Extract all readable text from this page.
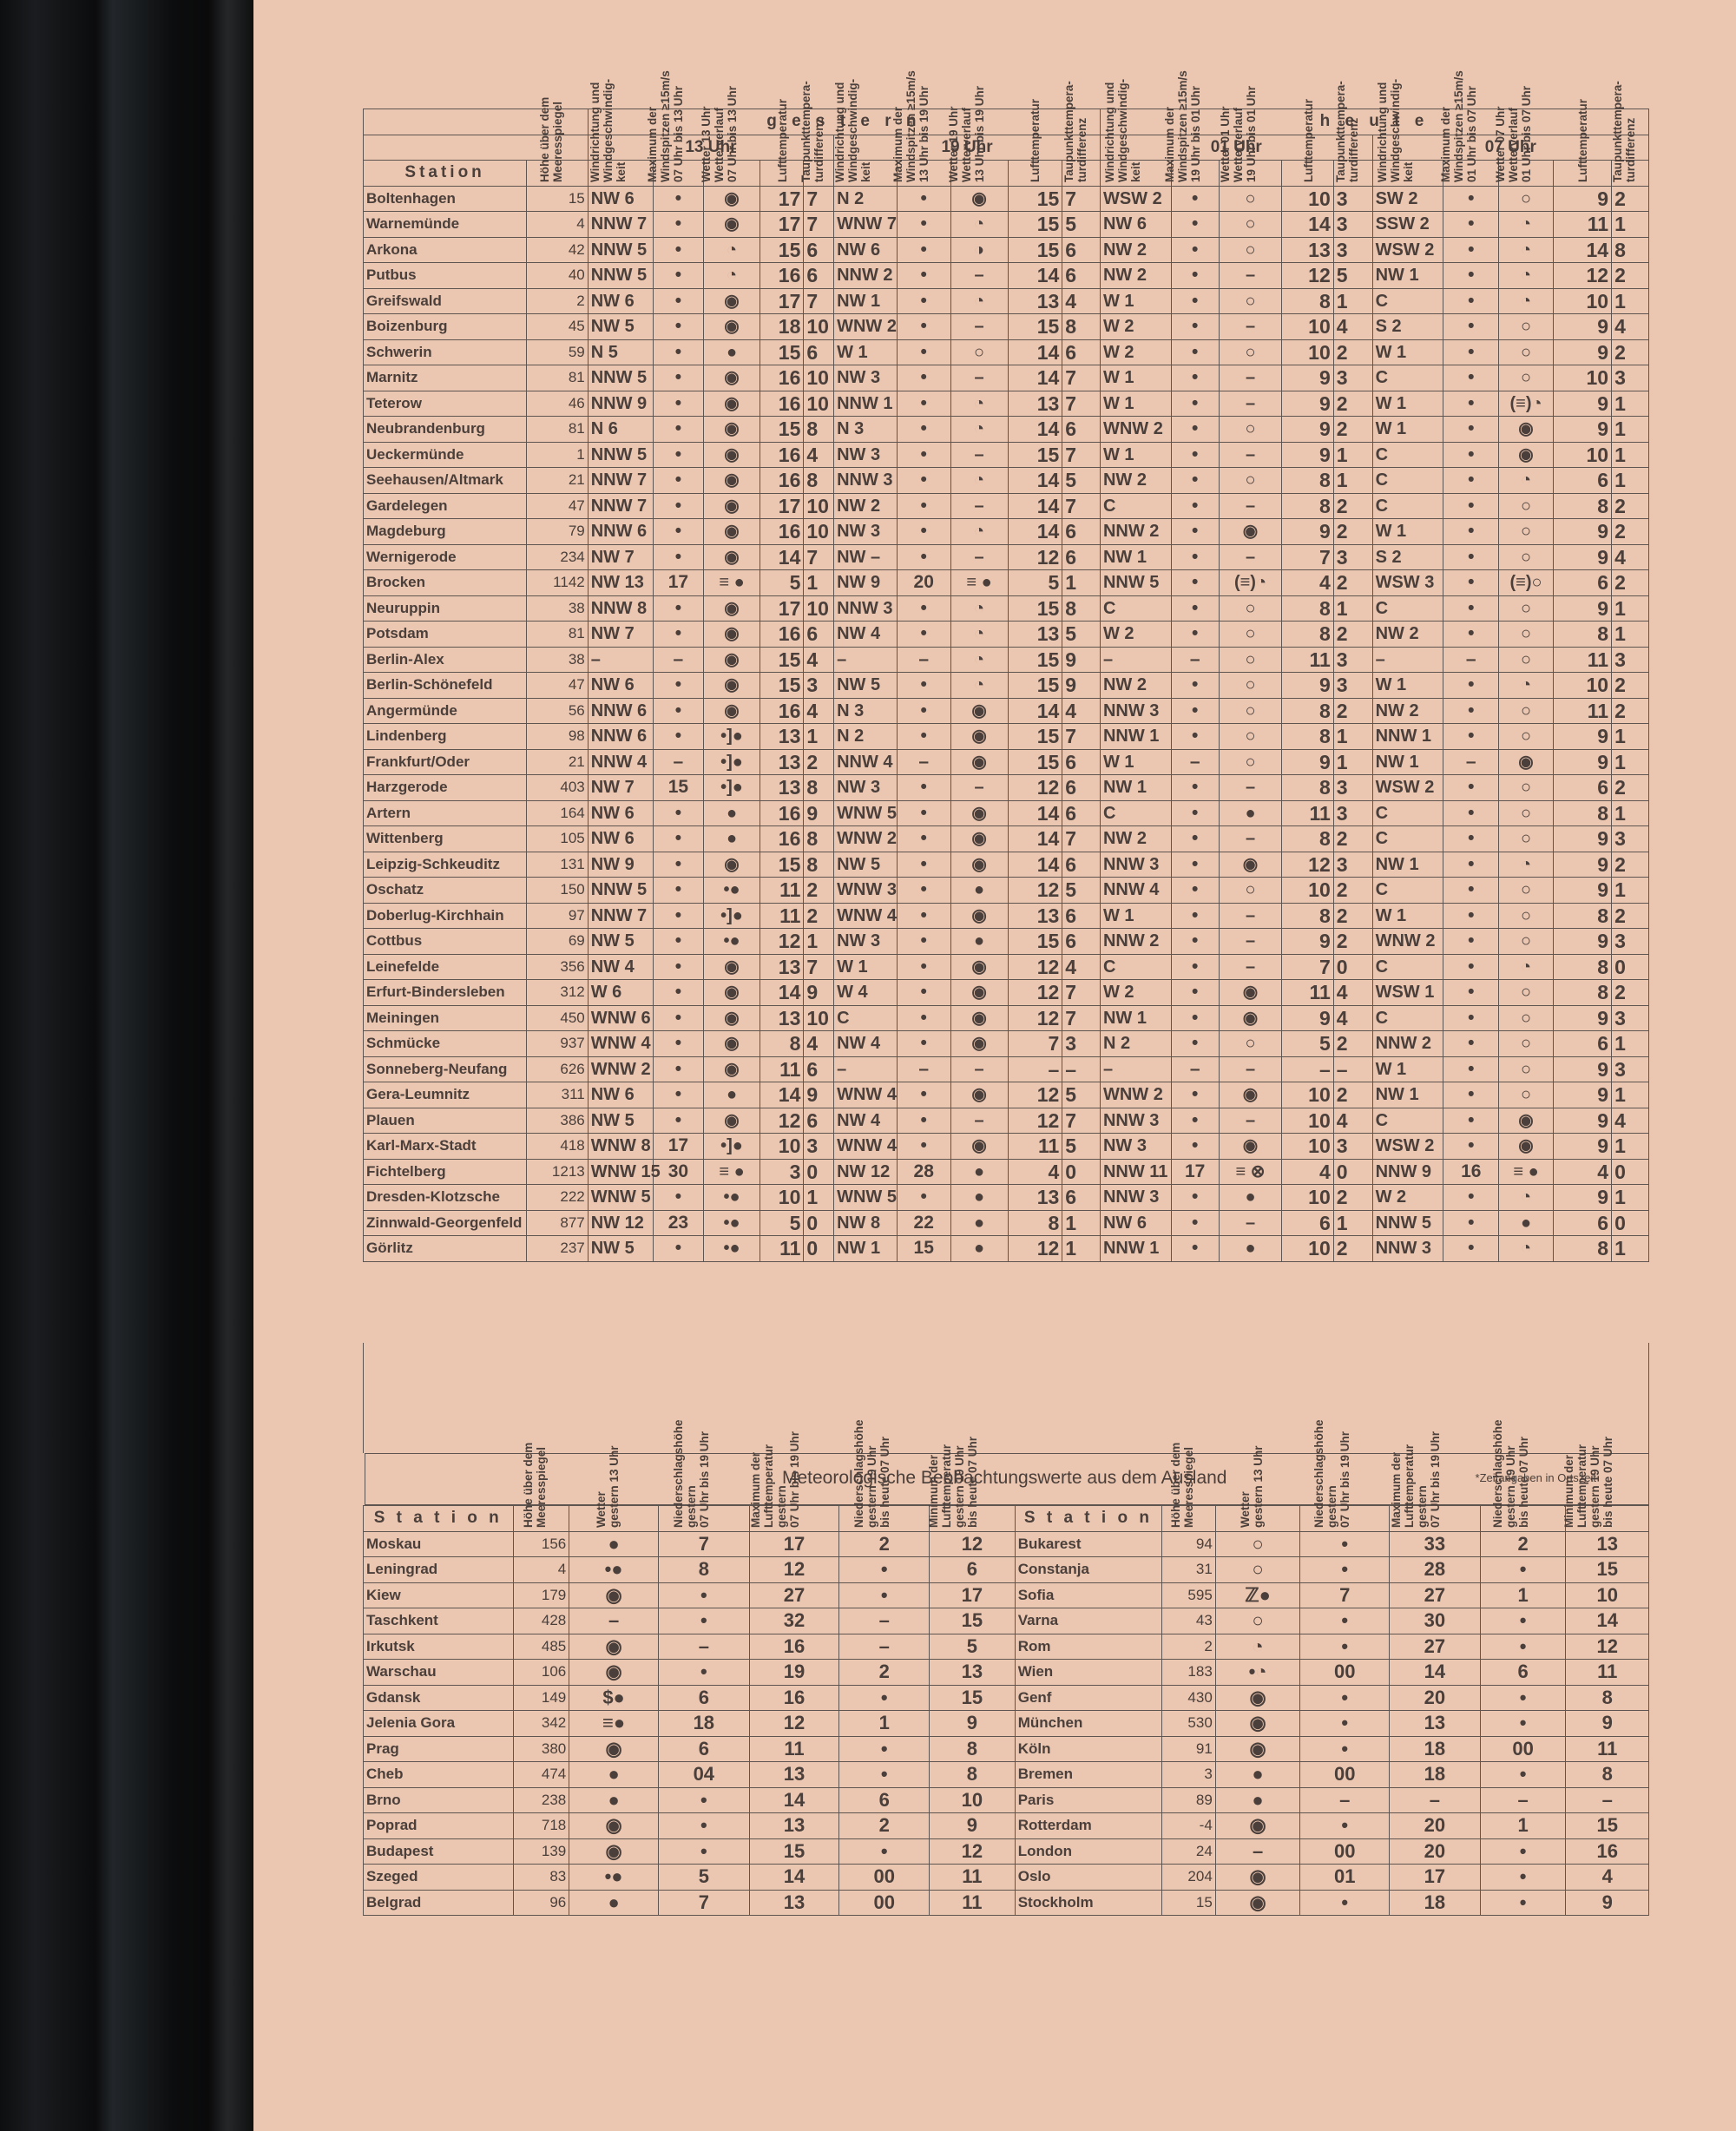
		g e s t e r n										h e u t e									
		13 Uhr					19 Uhr					01 Uhr					07 Uhr				
Station	Höhe über dem
Meeresspiegel	Windrichtung und
Windgeschwindig-
keit	Maximum der
Windspitzen ≥15m/s
07 Uhr bis 13 Uhr	Wetter 13 Uhr
Wetterverlauf
07 Uhr bis 13 Uhr	Lufttemperatur	Taupunkttempera-
turdifferenz	Windrichtung und
Windgeschwindig-
keit	Maximum der
Windspitzen ≥15m/s
13 Uhr bis 19 Uhr	Wetter 19 Uhr
Wetterverlauf
13 Uhr bis 19 Uhr	Lufttemperatur	Taupunkttempera-
turdifferenz	Windrichtung und
Windgeschwindig-
keit	Maximum der
Windspitzen ≥15m/s
19 Uhr bis 01 Uhr	Wetter 01 Uhr
Wetterverlauf
19 Uhr bis 01 Uhr	Lufttemperatur	Taupunkttempera-
turdifferenz	Windrichtung und
Windgeschwindig-
keit	Maximum der
Windspitzen ≥15m/s
01 Uhr bis 07 Uhr	Wetter 07 Uhr
Wetterverlauf
01 Uhr bis 07 Uhr	Lufttemperatur	Taupunkttempera-
turdifferenz

Boltenhagen	15	NW 6	•	◉	17	7	N 2	•	◉	15	7	WSW 2	•	○	10	3	SW 2	•	○	9	2
Warnemünde	4	NNW 7	•	◉	17	7	WNW 7	•	◔	15	5	NW 6	•	○	14	3	SSW 2	•	◔	11	1
Arkona	42	NNW 5	•	◔	15	6	NW 6	•	◑	15	6	NW 2	•	○	13	3	WSW 2	•	◔	14	8
Putbus	40	NNW 5	•	◔	16	6	NNW 2	•	–	14	6	NW 2	•	–	12	5	NW 1	•	◔	12	2
Greifswald	2	NW 6	•	◉	17	7	NW 1	•	◔	13	4	W 1	•	○	8	1	C	•	◔	10	1
Boizenburg	45	NW 5	•	◉	18	10	WNW 2	•	–	15	8	W 2	•	–	10	4	S 2	•	○	9	4
Schwerin	59	N 5	•	●	15	6	W 1	•	○	14	6	W 2	•	○	10	2	W 1	•	○	9	2
Marnitz	81	NNW 5	•	◉	16	10	NW 3	•	–	14	7	W 1	•	–	9	3	C	•	○	10	3
Teterow	46	NNW 9	•	◉	16	10	NNW 1	•	◔	13	7	W 1	•	–	9	2	W 1	•	(≡)◔	9	1
Neubrandenburg	81	N 6	•	◉	15	8	N 3	•	◔	14	6	WNW 2	•	○	9	2	W 1	•	◉	9	1
Ueckermünde	1	NNW 5	•	◉	16	4	NW 3	•	–	15	7	W 1	•	–	9	1	C	•	◉	10	1
Seehausen/Altmark	21	NNW 7	•	◉	16	8	NNW 3	•	◔	14	5	NW 2	•	○	8	1	C	•	◔	6	1
Gardelegen	47	NNW 7	•	◉	17	10	NW 2	•	–	14	7	C	•	–	8	2	C	•	○	8	2
Magdeburg	79	NNW 6	•	◉	16	10	NW 3	•	◔	14	6	NNW 2	•	◉	9	2	W 1	•	○	9	2
Wernigerode	234	NW 7	•	◉	14	7	NW –	•	–	12	6	NW 1	•	–	7	3	S 2	•	○	9	4
Brocken	1142	NW 13	17	≡ ●	5	1	NW 9	20	≡ ●	5	1	NNW 5	•	(≡)◔	4	2	WSW 3	•	(≡)○	6	2
Neuruppin	38	NNW 8	•	◉	17	10	NNW 3	•	◔	15	8	C	•	○	8	1	C	•	○	9	1
Potsdam	81	NW 7	•	◉	16	6	NW 4	•	◔	13	5	W 2	•	○	8	2	NW 2	•	○	8	1
Berlin-Alex	38	–	–	◉	15	4	–	–	◔	15	9	–	–	○	11	3	–	–	○	11	3
Berlin-Schönefeld	47	NW 6	•	◉	15	3	NW 5	•	◔	15	9	NW 2	•	○	9	3	W 1	•	◔	10	2
Angermünde	56	NNW 6	•	◉	16	4	N 3	•	◉	14	4	NNW 3	•	○	8	2	NW 2	•	○	11	2
Lindenberg	98	NNW 6	•	•]●	13	1	N 2	•	◉	15	7	NNW 1	•	○	8	1	NNW 1	•	○	9	1
Frankfurt/Oder	21	NNW 4	–	•]●	13	2	NNW 4	–	◉	15	6	W 1	–	○	9	1	NW 1	–	◉	9	1
Harzgerode	403	NW 7	15	•]●	13	8	NW 3	•	–	12	6	NW 1	•	–	8	3	WSW 2	•	○	6	2
Artern	164	NW 6	•	●	16	9	WNW 5	•	◉	14	6	C	•	●	11	3	C	•	○	8	1
Wittenberg	105	NW 6	•	●	16	8	WNW 2	•	◉	14	7	NW 2	•	–	8	2	C	•	○	9	3
Leipzig-Schkeuditz	131	NW 9	•	◉	15	8	NW 5	•	◉	14	6	NNW 3	•	◉	12	3	NW 1	•	◔	9	2
Oschatz	150	NNW 5	•	•●	11	2	WNW 3	•	●	12	5	NNW 4	•	○	10	2	C	•	○	9	1
Doberlug-Kirchhain	97	NNW 7	•	•]●	11	2	WNW 4	•	◉	13	6	W 1	•	–	8	2	W 1	•	○	8	2
Cottbus	69	NW 5	•	•●	12	1	NW 3	•	●	15	6	NNW 2	•	–	9	2	WNW 2	•	○	9	3
Leinefelde	356	NW 4	•	◉	13	7	W 1	•	◉	12	4	C	•	–	7	0	C	•	◔	8	0
Erfurt-Bindersleben	312	W 6	•	◉	14	9	W 4	•	◉	12	7	W 2	•	◉	11	4	WSW 1	•	○	8	2
Meiningen	450	WNW 6	•	◉	13	10	C	•	◉	12	7	NW 1	•	◉	9	4	C	•	○	9	3
Schmücke	937	WNW 4	•	◉	8	4	NW 4	•	◉	7	3	N 2	•	○	5	2	NNW 2	•	○	6	1
Sonneberg-Neufang	626	WNW 2	•	◉	11	6	–	–	–	–	–	–	–	–	–	–	W 1	•	○	9	3
Gera-Leumnitz	311	NW 6	•	●	14	9	WNW 4	•	◉	12	5	WNW 2	•	◉	10	2	NW 1	•	○	9	1
Plauen	386	NW 5	•	◉	12	6	NW 4	•	–	12	7	NNW 3	•	–	10	4	C	•	◉	9	4
Karl-Marx-Stadt	418	WNW 8	17	•]●	10	3	WNW 4	•	◉	11	5	NW 3	•	◉	10	3	WSW 2	•	◉	9	1
Fichtelberg	1213	WNW 15	30	≡ ●	3	0	NW 12	28	●	4	0	NNW 11	17	≡ ⊗	4	0	NNW 9	16	≡ ●	4	0
Dresden-Klotzsche	222	WNW 5	•	•●	10	1	WNW 5	•	●	13	6	NNW 3	•	●	10	2	W 2	•	◔	9	1
Zinnwald-Georgenfeld	877	NW 12	23	•●	5	0	NW 8	22	●	8	1	NW 6	•	–	6	1	NNW 5	•	●	6	0
Görlitz	237	NW 5	•	•●	11	0	NW 1	15	●	12	1	NNW 1	•	●	10	2	NNW 3	•	◔	8	1
Meteorologische Beobachtungswerte aus dem Ausland	*Zeitangaben in Ortszeit
S t a t i o n	Höhe über dem
Meeresspiegel	Wetter
gestern 13 Uhr	Niederschlagshöhe
gestern
07 Uhr bis 19 Uhr	Maximum der
Lufttemperatur
gestern
07 Uhr bis 19 Uhr	Niederschlagshöhe
gestern 19 Uhr
bis heute 07 Uhr	Minimum der
Lufttemperatur
gestern 19 Uhr
bis heute 07 Uhr	S t a t i o n	Höhe über dem
Meeresspiegel	Wetter
gestern 13 Uhr	Niederschlagshöhe
gestern
07 Uhr bis 19 Uhr	Maximum der
Lufttemperatur
gestern
07 Uhr bis 19 Uhr	Niederschlagshöhe
gestern 19 Uhr
bis heute 07 Uhr	Minimum der
Lufttemperatur
gestern 19 Uhr
bis heute 07 Uhr

Moskau	156	●	7	17	2	12	Bukarest	94	○	•	33	2	13
Leningrad	4	•●	8	12	•	6	Constanja	31	○	•	28	•	15
Kiew	179	◉	•	27	•	17	Sofia	595	ℤ●	7	27	1	10
Taschkent	428	–	•	32	–	15	Varna	43	○	•	30	•	14
Irkutsk	485	◉	–	16	–	5	Rom	2	◔	•	27	•	12
Warschau	106	◉	•	19	2	13	Wien	183	•◔	00	14	6	11
Gdansk	149	$●	6	16	•	15	Genf	430	◉	•	20	•	8
Jelenia Gora	342	≡●	18	12	1	9	München	530	◉	•	13	•	9
Prag	380	◉	6	11	•	8	Köln	91	◉	•	18	00	11
Cheb	474	●	04	13	•	8	Bremen	3	●	00	18	•	8
Brno	238	●	•	14	6	10	Paris	89	●	–	–	–	–
Poprad	718	◉	•	13	2	9	Rotterdam	-4	◉	•	20	1	15
Budapest	139	◉	•	15	•	12	London	24	–	00	20	•	16
Szeged	83	•●	5	14	00	11	Oslo	204	◉	01	17	•	4
Belgrad	96	●	7	13	00	11	Stockholm	15	◉	•	18	•	9
